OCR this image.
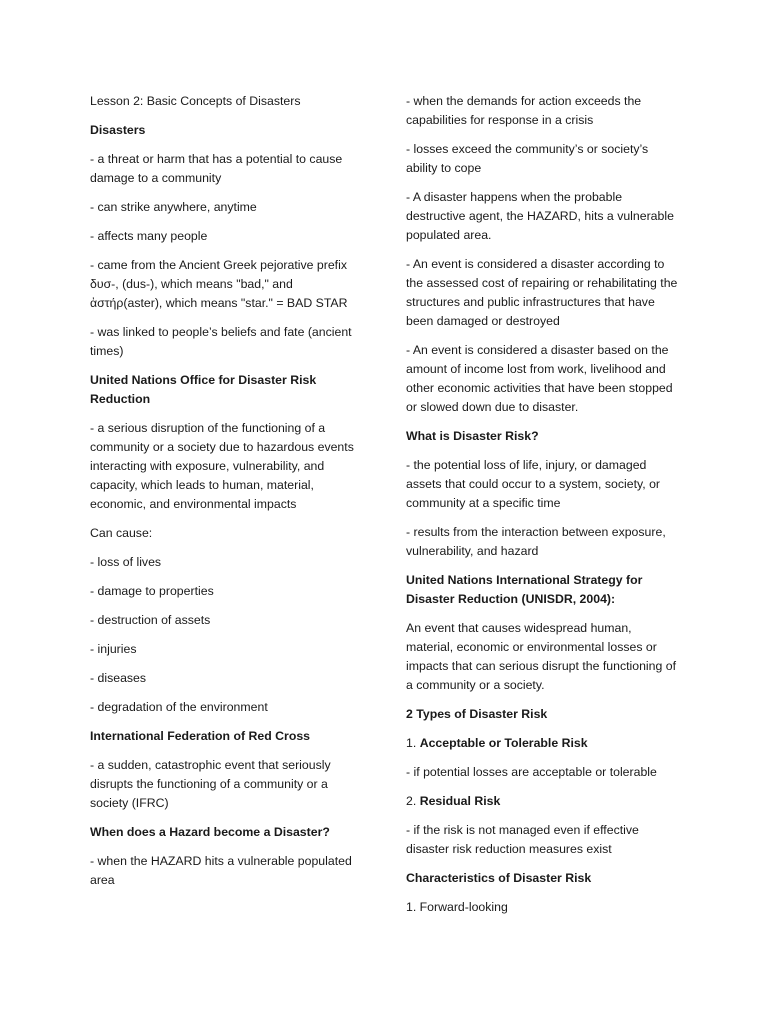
Lesson 2: Basic Concepts of Disasters
Disasters
- a threat or harm that has a potential to cause damage to a community
- can strike anywhere, anytime
- affects many people
- came from the Ancient Greek pejorative prefix δυσ-, (dus-), which means "bad," and ἀστήρ(aster), which means "star." = BAD STAR
- was linked to people’s beliefs and fate (ancient times)
United Nations Office for Disaster Risk Reduction
- a serious disruption of the functioning of a community or a society due to hazardous events interacting with exposure, vulnerability, and capacity, which leads to human, material, economic, and environmental impacts
Can cause:
- loss of lives
- damage to properties
- destruction of assets
- injuries
- diseases
- degradation of the environment
International Federation of Red Cross
- a sudden, catastrophic event that seriously disrupts the functioning of a community or a society (IFRC)
When does a Hazard become a Disaster?
- when the HAZARD hits a vulnerable populated area
- when the demands for action exceeds the capabilities for response in a crisis
- losses exceed the community’s or society’s ability to cope
- A disaster happens when the probable destructive agent, the HAZARD, hits a vulnerable populated area.
- An event is considered a disaster according to the assessed cost of repairing or rehabilitating the structures and public infrastructures that have been damaged or destroyed
- An event is considered a disaster based on the amount of income lost from work, livelihood and other economic activities that have been stopped or slowed down due to disaster.
What is Disaster Risk?
- the potential loss of life, injury, or damaged assets that could occur to a system, society, or community at a specific time
- results from the interaction between exposure, vulnerability, and hazard
United Nations International Strategy for Disaster Reduction (UNISDR, 2004):
An event that causes widespread human, material, economic or environmental losses or impacts that can serious disrupt the functioning of a community or a society.
2 Types of Disaster Risk
1. Acceptable or Tolerable Risk
- if potential losses are acceptable or tolerable
2. Residual Risk
- if the risk is not managed even if effective disaster risk reduction measures exist
Characteristics of Disaster Risk
1. Forward-looking
